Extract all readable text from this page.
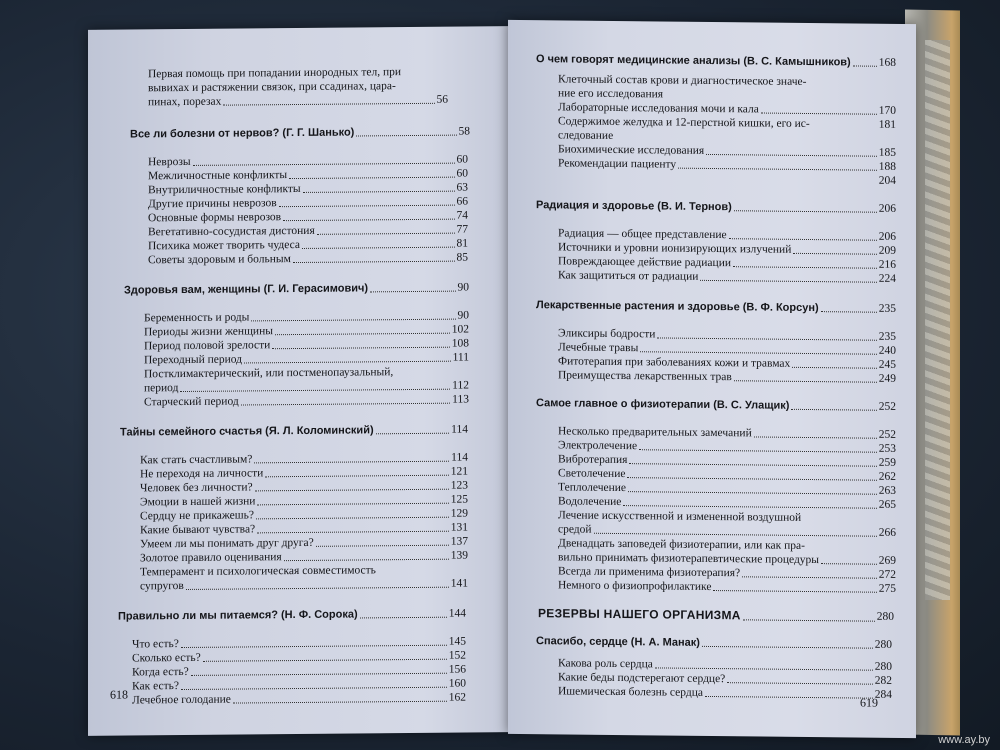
618
Первая помощь при попадании инородных тел, при
вывихах и растяжении связок, при ссадинах, цара-
пинах, порезах	56
Все ли болезни от нервов? (Г. Г. Шанько)	58
Неврозы	60
Межличностные конфликты	60
Внутриличностные конфликты	63
Другие причины неврозов	66
Основные формы неврозов	74
Вегетативно-сосудистая дистония	77
Психика может творить чудеса	81
Советы здоровым и больным	85
Здоровья вам, женщины (Г. И. Герасимович)	90
Беременность и роды	90
Периоды жизни женщины	102
Период половой зрелости	108
Переходный период	111
Постклимактерический, или постменопаузальный,
период	112
Старческий период	113
Тайны семейного счастья (Я. Л. Коломинский)	114
Как стать счастливым?	114
Не переходя на личности	121
Человек без личности?	123
Эмоции в нашей жизни	125
Сердцу не прикажешь?	129
Какие бывают чувства?	131
Умеем ли мы понимать друг друга?	137
Золотое правило оценивания	139
Темперамент и психологическая совместимость
супругов	141
Правильно ли мы питаемся? (Н. Ф. Сорока)	144
Что есть?	145
Сколько есть?	152
Когда есть?	156
Как есть?	160
Лечебное голодание	162	619
О чем говорят медицинские анализы (В. С. Камышников) 168
Клеточный состав крови и диагностическое значе-
ние его исследования
Лабораторные исследования мочи и кала	170
Содержимое желудка и 12-перстной кишки, его ис-	181
следование
Биохимические исследования	185
Рекомендации пациенту	188
204
Радиация и здоровье (В. И. Тернов)	206
Радиация — общее представление	206
Источники и уровни ионизирующих излучений	209
Повреждающее действие радиации	216
Как защититься от радиации	224
Лекарственные растения и здоровье (В. Ф. Корсун)	235
Эликсиры бодрости	235
Лечебные травы	240
Фитотерапия при заболеваниях кожи и травмах	245
Преимущества лекарственных трав	249
Самое главное о физиотерапии (В. С. Улащик)	252
Несколько предварительных замечаний	252
Электролечение	253
Вибротерапия	259
Светолечение	262
Теплолечение	263
Водолечение	265
Лечение искусственной и измененной воздушной
средой	266
Двенадцать заповедей физиотерапии, или как пра-
вильно принимать физиотерапевтические процедуры	269
Всегда ли применима физиотерапия?	272
Немного о физиопрофилактике	275
РЕЗЕРВЫ НАШЕГО ОРГАНИЗМА	280
Спасибо, сердце (Н. А. Манак)	280
Какова роль сердца	280
Какие беды подстерегают сердце?	282
Ишемическая болезнь сердца	284
www.ay.by
